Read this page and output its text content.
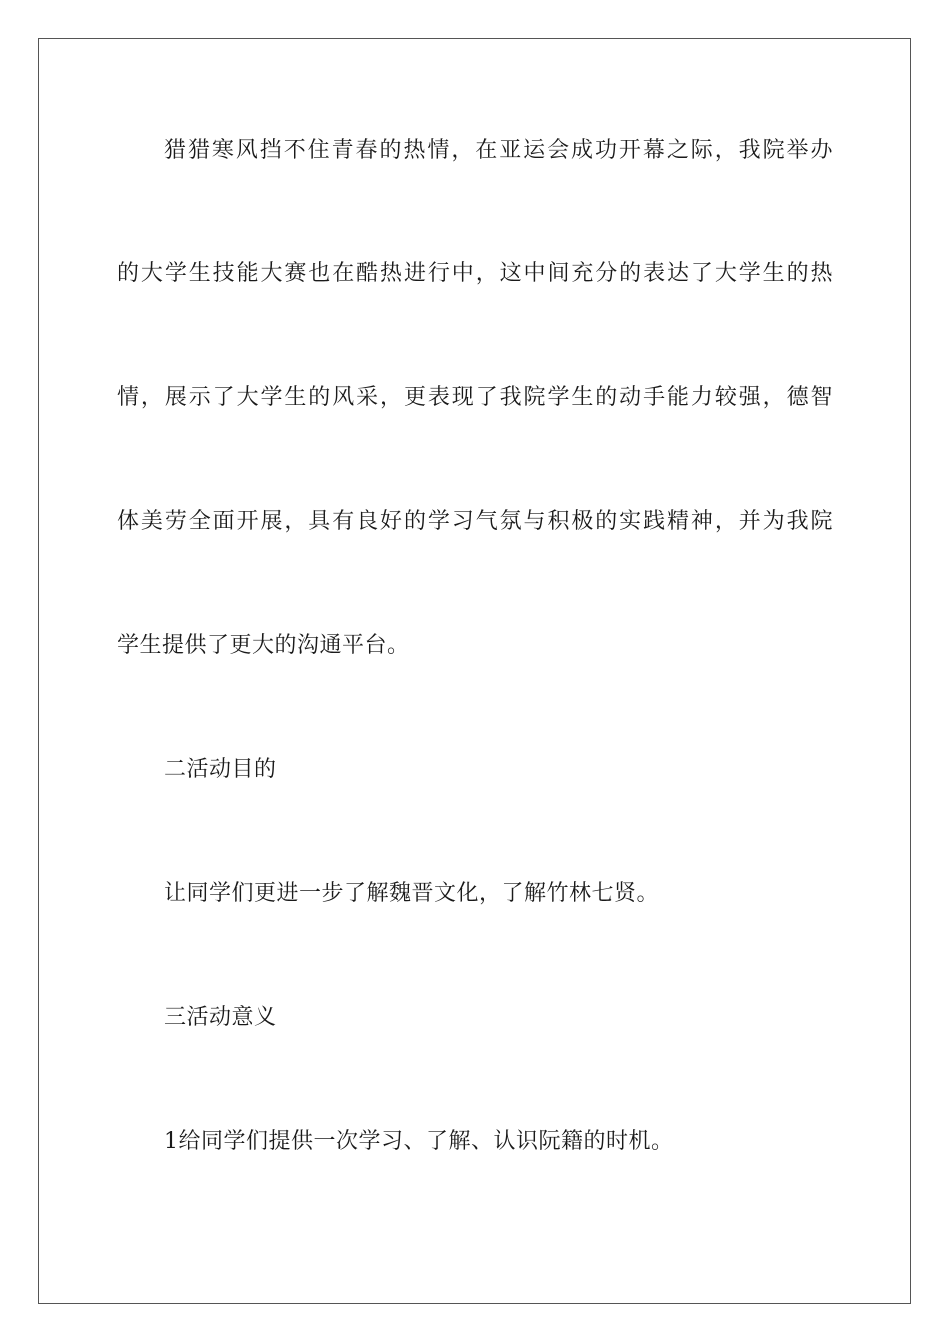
猎猎寒风挡不住青春的热情，在亚运会成功开幕之际，我院举办
的大学生技能大赛也在酷热进行中，这中间充分的表达了大学生的热
情，展示了大学生的风采，更表现了我院学生的动手能力较强，德智
体美劳全面开展，具有良好的学习气氛与积极的实践精神，并为我院
学生提供了更大的沟通平台。
二活动目的
让同学们更进一步了解魏晋文化，了解竹林七贤。
三活动意义
1给同学们提供一次学习、了解、认识阮籍的时机。
